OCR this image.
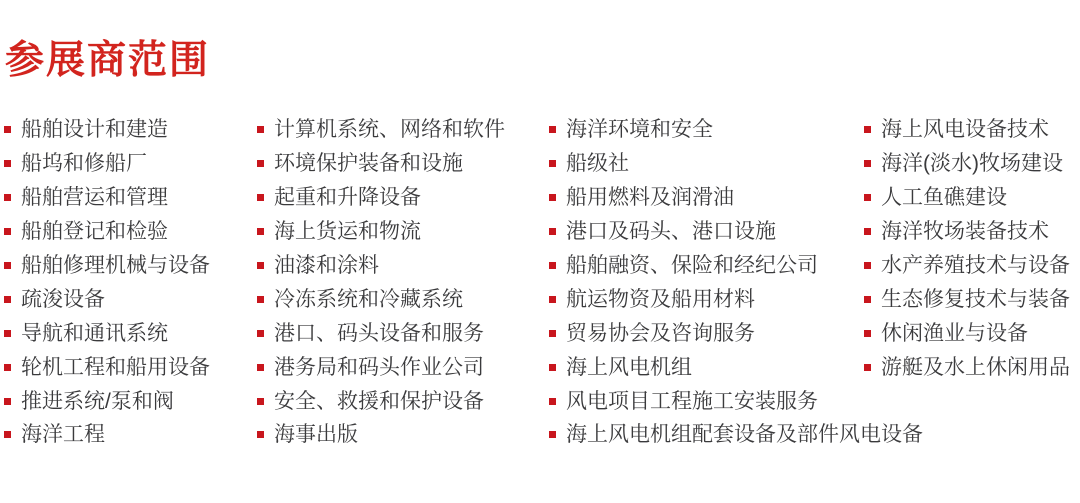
参展商范围
船舶设计和建造
船坞和修船厂
船舶营运和管理
船舶登记和检验
船舶修理机械与设备
疏浚设备
导航和通讯系统
轮机工程和船用设备
推进系统/泵和阀
海洋工程
计算机系统、网络和软件
环境保护装备和设施
起重和升降设备
海上货运和物流
油漆和涂料
冷冻系统和冷藏系统
港口、码头设备和服务
港务局和码头作业公司
安全、救援和保护设备
海事出版
海洋环境和安全
船级社
船用燃料及润滑油
港口及码头、港口设施
船舶融资、保险和经纪公司
航运物资及船用材料
贸易协会及咨询服务
海上风电机组
风电项目工程施工安装服务
海上风电机组配套设备及部件风电设备
海上风电设备技术
海洋(淡水)牧场建设
人工鱼礁建设
海洋牧场装备技术
水产养殖技术与设备
生态修复技术与装备
休闲渔业与设备
游艇及水上休闲用品
